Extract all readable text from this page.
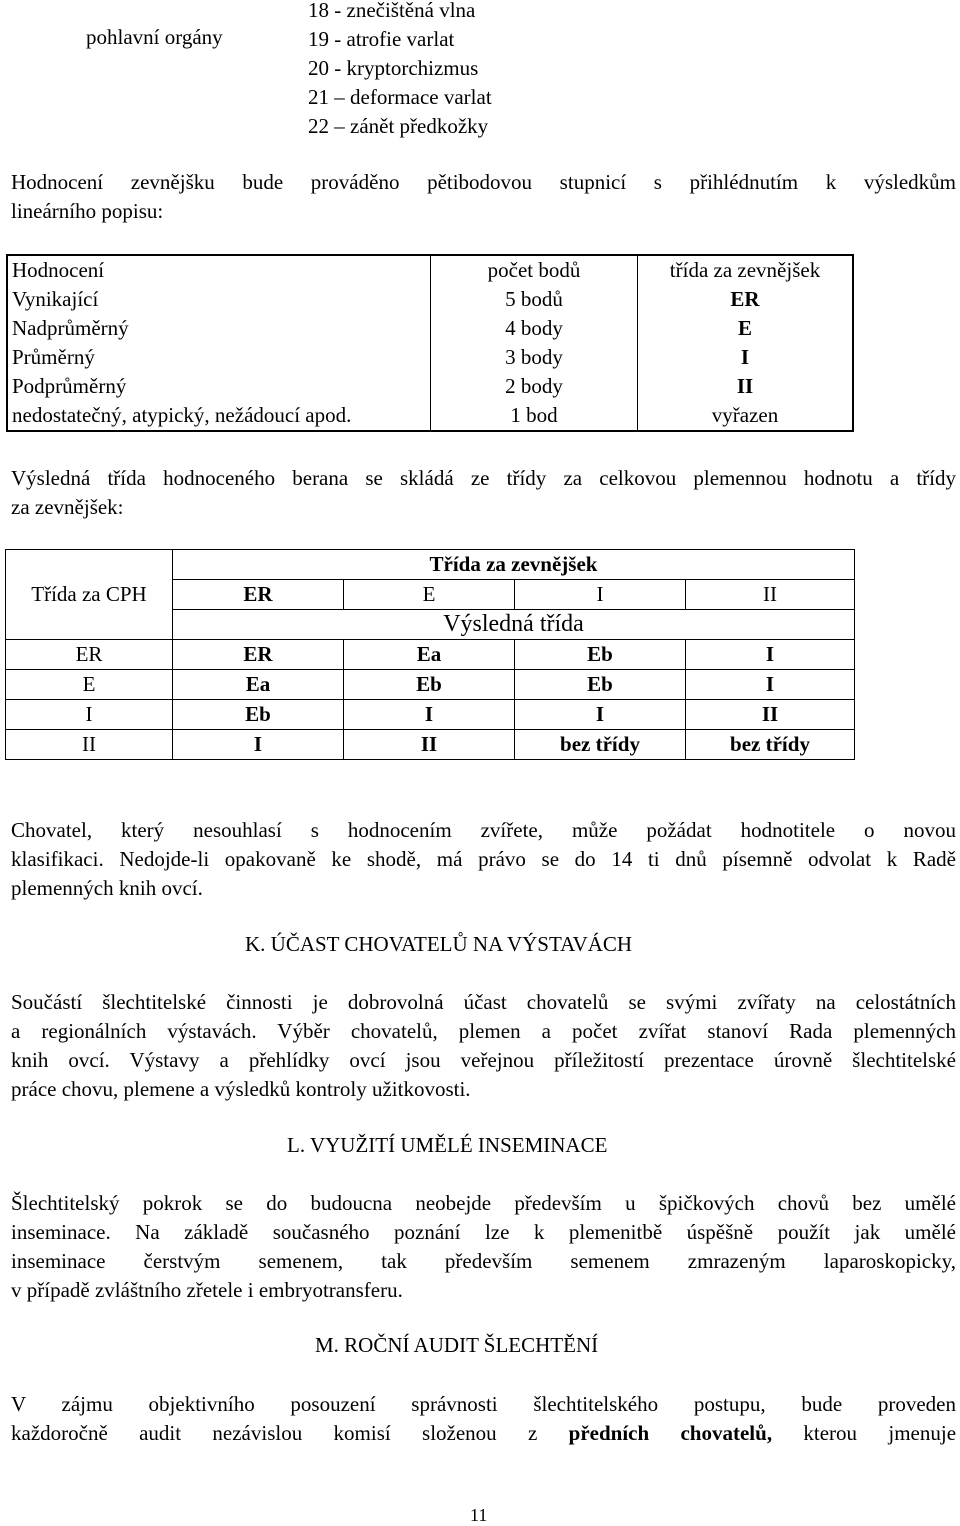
pohlavní orgány
18 - znečištěná vlna
19 - atrofie varlat
20 - kryptorchizmus
21 – deformace varlat
22 – zánět předkožky
Hodnocení zevnějšku bude prováděno pětibodovou stupnicí s přihlédnutím k výsledkům
lineárního popisu:
Hodnocení	počet bodů	třída za zevnějšek
Vynikající	5 bodů	ER
Nadprůměrný	4 body	E
Průměrný	3 body	I
Podprůměrný	2 body	II
nedostatečný, atypický, nežádoucí apod.	1 bod	vyřazen
Výsledná třída hodnoceného berana se skládá ze třídy za celkovou plemennou hodnotu a třídy
za zevnějšek:
Třída za CPH	Třída za zevnějšek			
	ER	E	I	II
	Výsledná třída			
ER	ER	Ea	Eb	I
E	Ea	Eb	Eb	I
I	Eb	I	I	II
II	I	II	bez třídy	bez třídy
Chovatel, který nesouhlasí s hodnocením zvířete, může požádat hodnotitele o novou
klasifikaci. Nedojde-li opakovaně ke shodě, má právo se do 14 ti dnů písemně odvolat k Radě
plemenných knih ovcí.
K. ÚČAST CHOVATELŮ NA VÝSTAVÁCH
Součástí šlechtitelské činnosti je dobrovolná účast chovatelů se svými zvířaty na celostátních
a regionálních výstavách. Výběr chovatelů, plemen a počet zvířat stanoví Rada plemenných
knih ovcí. Výstavy a přehlídky ovcí jsou veřejnou příležitostí prezentace úrovně šlechtitelské
práce chovu, plemene a výsledků kontroly užitkovosti.
L. VYUŽITÍ UMĚLÉ INSEMINACE
Šlechtitelský pokrok se do budoucna neobejde především u špičkových chovů bez umělé
inseminace. Na základě současného poznání lze k plemenitbě úspěšně použít jak umělé
inseminace čerstvým semenem, tak především semenem zmrazeným laparoskopicky,
v případě zvláštního zřetele i embryotransferu.
M. ROČNÍ AUDIT ŠLECHTĚNÍ
V zájmu objektivního posouzení správnosti šlechtitelského postupu, bude proveden
každoročně audit nezávislou komisí složenou z předních chovatelů, kterou jmenuje
11
